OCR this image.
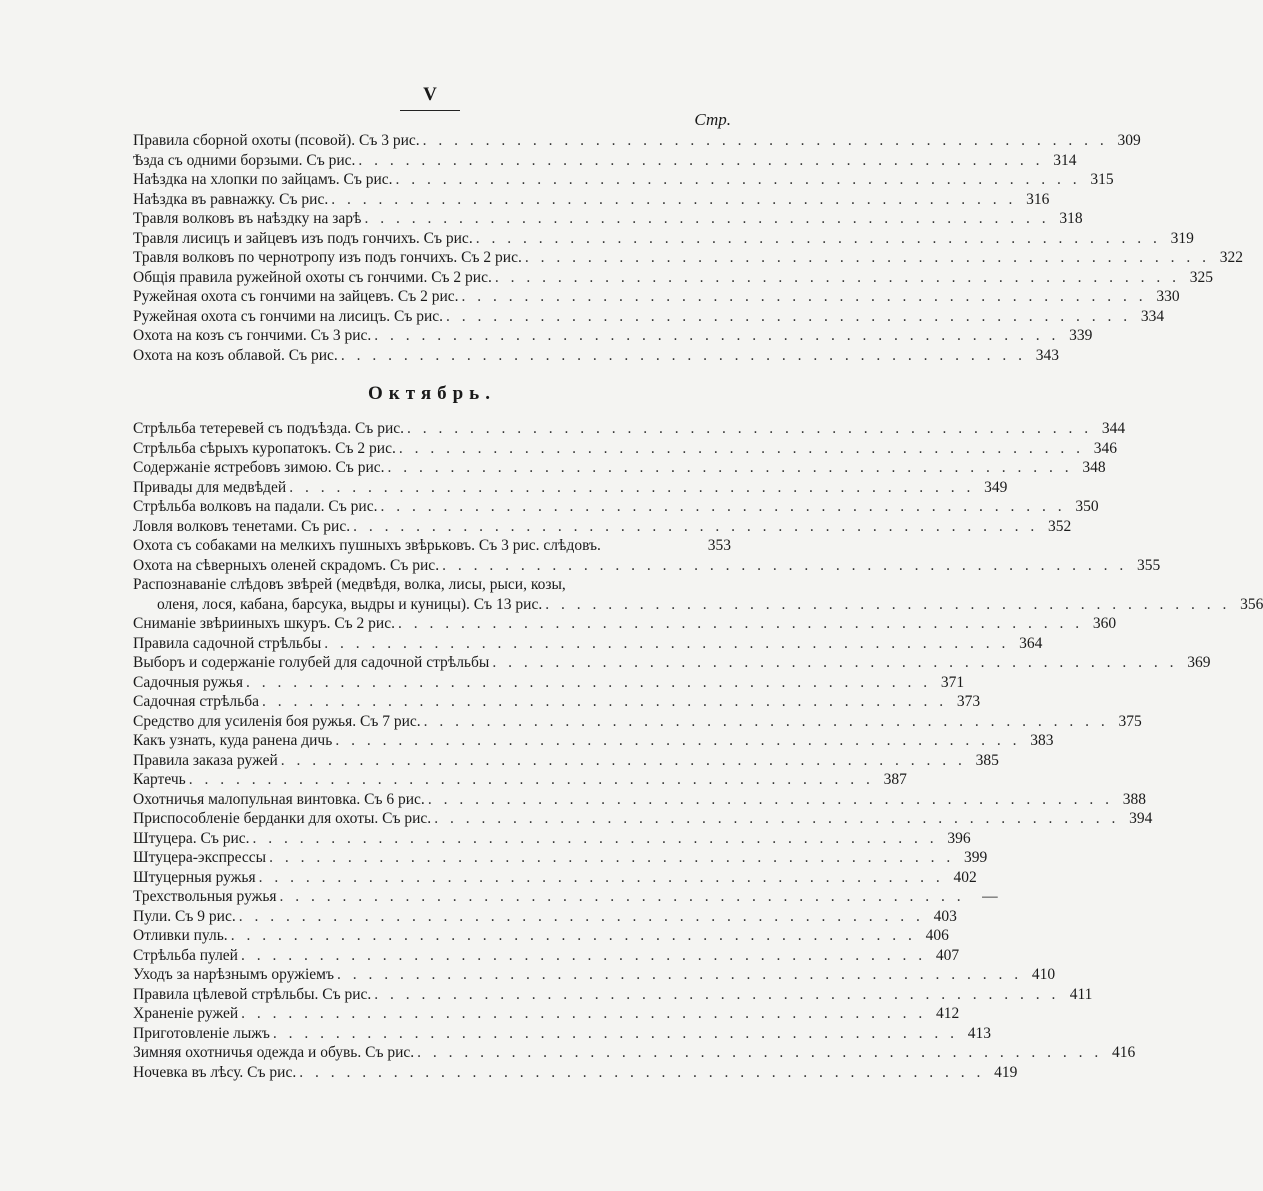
V
Стр.
Правила сборной охоты (псовой). Съ 3 рис. . . . . . . . . . . . . . . . . . . . . . . . . . . . . . . . . . . . . . . . . . . . . 309
Ѣзда съ одними борзыми. Съ рис. . . . . . . . . . . . . . . . . . . . . . . . . . . . . . . . . . . . . . . . . . . . . 314
Наѣздка на хлопки по зайцамъ. Съ рис. . . . . . . . . . . . . . . . . . . . . . . . . . . . . . . . . . . . . . . . . . . . . 315
Наѣздка въ равнажку. Съ рис. . . . . . . . . . . . . . . . . . . . . . . . . . . . . . . . . . . . . . . . . . . . . 316
Травля волковъ въ наѣздку на зарѣ . . . . . . . . . . . . . . . . . . . . . . . . . . . . . . . . . . . . . . . . . . . . 318
Травля лисицъ и зайцевъ изъ подъ гончихъ. Съ рис. . . . . . . . . . . . . . . . . . . . . . . . . . . . . . . . . . . . . . . . . . . . . 319
Травля волковъ по чернотропу изъ подъ гончихъ. Съ 2 рис. . . . . . . . . . . . . . . . . . . . . . . . . . . . . . . . . . . . . . . . . . . . . 322
Общія правила ружейной охоты съ гончими. Съ 2 рис. . . . . . . . . . . . . . . . . . . . . . . . . . . . . . . . . . . . . . . . . . . . . 325
Ружейная охота съ гончими на зайцевъ. Съ 2 рис. . . . . . . . . . . . . . . . . . . . . . . . . . . . . . . . . . . . . . . . . . . . . 330
Ружейная охота съ гончими на лисицъ. Съ рис. . . . . . . . . . . . . . . . . . . . . . . . . . . . . . . . . . . . . . . . . . . . . 334
Охота на козъ съ гончими. Съ 3 рис. . . . . . . . . . . . . . . . . . . . . . . . . . . . . . . . . . . . . . . . . . . . . 339
Охота на козъ облавой. Съ рис. . . . . . . . . . . . . . . . . . . . . . . . . . . . . . . . . . . . . . . . . . . . . 343
Октябрь.
Стрѣльба тетеревей съ подъѣзда. Съ рис. . . . . . . . . . . . . . . . . . . . . . . . . . . . . . . . . . . . . . . . . . . . . 344
Стрѣльба сѣрыхъ куропатокъ. Съ 2 рис. . . . . . . . . . . . . . . . . . . . . . . . . . . . . . . . . . . . . . . . . . . . . 346
Содержаніе ястребовъ зимою. Съ рис. . . . . . . . . . . . . . . . . . . . . . . . . . . . . . . . . . . . . . . . . . . . . 348
Привады для медвѣдей . . . . . . . . . . . . . . . . . . . . . . . . . . . . . . . . . . . . . . . . . . . . 349
Стрѣльба волковъ на падали. Съ рис. . . . . . . . . . . . . . . . . . . . . . . . . . . . . . . . . . . . . . . . . . . . . 350
Ловля волковъ тенетами. Съ рис. . . . . . . . . . . . . . . . . . . . . . . . . . . . . . . . . . . . . . . . . . . . . 352
Охота съ собаками на мелкихъ пушныхъ звѣрьковъ. Съ 3 рис. слѣдовъ.	353
Охота на сѣверныхъ оленей скрадомъ. Съ рис. . . . . . . . . . . . . . . . . . . . . . . . . . . . . . . . . . . . . . . . . . . . . 355
Распознаваніе слѣдовъ звѣрей (медвѣдя, волка, лисы, рыси, козы,
оленя, лося, кабана, барсука, выдры и куницы). Съ 13 рис. . . . . . . . . . . . . . . . . . . . . . . . . . . . . . . . . . . . . . . . . . . . . 356
Сниманіе звѣрииныхъ шкуръ. Съ 2 рис. . . . . . . . . . . . . . . . . . . . . . . . . . . . . . . . . . . . . . . . . . . . . 360
Правила садочной стрѣльбы . . . . . . . . . . . . . . . . . . . . . . . . . . . . . . . . . . . . . . . . . . . . 364
Выборъ и содержаніе голубей для садочной стрѣльбы . . . . . . . . . . . . . . . . . . . . . . . . . . . . . . . . . . . . . . . . . . . . 369
Садочныя ружья . . . . . . . . . . . . . . . . . . . . . . . . . . . . . . . . . . . . . . . . . . . . 371
Садочная стрѣльба . . . . . . . . . . . . . . . . . . . . . . . . . . . . . . . . . . . . . . . . . . . . 373
Средство для усиленія боя ружья. Съ 7 рис. . . . . . . . . . . . . . . . . . . . . . . . . . . . . . . . . . . . . . . . . . . . . 375
Какъ узнать, куда ранена дичь . . . . . . . . . . . . . . . . . . . . . . . . . . . . . . . . . . . . . . . . . . . . 383
Правила заказа ружей . . . . . . . . . . . . . . . . . . . . . . . . . . . . . . . . . . . . . . . . . . . . 385
Картечь . . . . . . . . . . . . . . . . . . . . . . . . . . . . . . . . . . . . . . . . . . . . 387
Охотничья малопульная винтовка. Съ 6 рис. . . . . . . . . . . . . . . . . . . . . . . . . . . . . . . . . . . . . . . . . . . . . 388
Приспособленіе берданки для охоты. Съ рис. . . . . . . . . . . . . . . . . . . . . . . . . . . . . . . . . . . . . . . . . . . . . 394
Штуцера. Съ рис. . . . . . . . . . . . . . . . . . . . . . . . . . . . . . . . . . . . . . . . . . . . . 396
Штуцера-экспрессы . . . . . . . . . . . . . . . . . . . . . . . . . . . . . . . . . . . . . . . . . . . . 399
Штуцерныя ружья . . . . . . . . . . . . . . . . . . . . . . . . . . . . . . . . . . . . . . . . . . . . 402
Трехствольныя ружья . . . . . . . . . . . . . . . . . . . . . . . . . . . . . . . . . . . . . . . . . . . .	—
Пули. Съ 9 рис. . . . . . . . . . . . . . . . . . . . . . . . . . . . . . . . . . . . . . . . . . . . . 403
Отливки пуль. . . . . . . . . . . . . . . . . . . . . . . . . . . . . . . . . . . . . . . . . . . . . 406
Стрѣльба пулей . . . . . . . . . . . . . . . . . . . . . . . . . . . . . . . . . . . . . . . . . . . . 407
Уходъ за нарѣзнымъ оружіемъ . . . . . . . . . . . . . . . . . . . . . . . . . . . . . . . . . . . . . . . . . . . . 410
Правила цѣлевой стрѣльбы. Съ рис. . . . . . . . . . . . . . . . . . . . . . . . . . . . . . . . . . . . . . . . . . . . . 411
Храненіе ружей . . . . . . . . . . . . . . . . . . . . . . . . . . . . . . . . . . . . . . . . . . . . 412
Приготовленіе лыжъ . . . . . . . . . . . . . . . . . . . . . . . . . . . . . . . . . . . . . . . . . . . . 413
Зимняя охотничья одежда и обувь. Съ рис. . . . . . . . . . . . . . . . . . . . . . . . . . . . . . . . . . . . . . . . . . . . . 416
Ночевка въ лѣсу. Съ рис. . . . . . . . . . . . . . . . . . . . . . . . . . . . . . . . . . . . . . . . . . . . . 419
